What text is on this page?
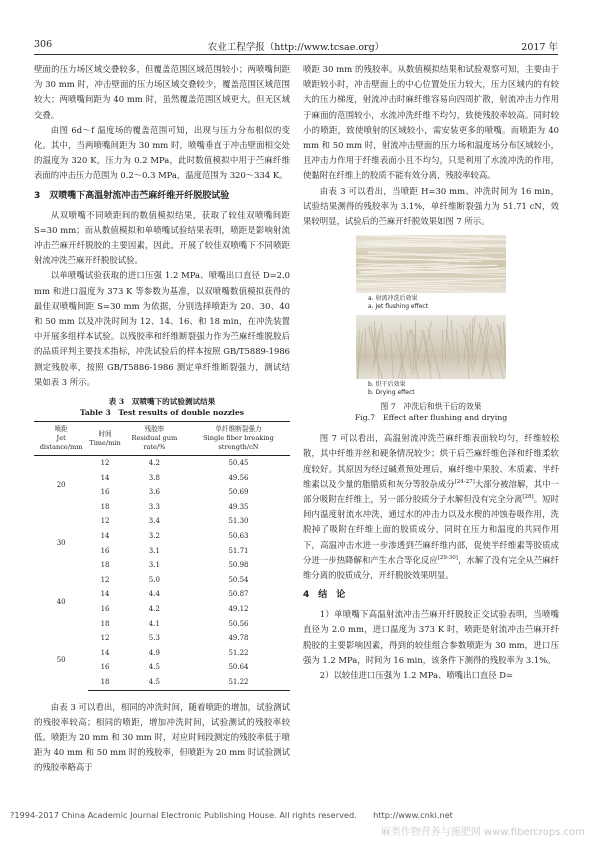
306	农业工程学报（http://www.tcsae.org）	2017 年

壁面的压力场区域交叠较多，但覆盖范围区域范围较小；两喷嘴间距为 30 mm 时，冲击壁面的压力场区域交叠较少，覆盖范围区域范围较大；两喷嘴间距为 40 mm 时，虽然覆盖范围区域更大，但无区域交叠。

由图 6d～f 温度场的覆盖范围可知，出现与压力分布相似的变化。其中，当两喷嘴间距为 30 mm 时，喷嘴垂直于冲击壁面相交处的温度为 320 K，压力为 0.2 MPa，此时数值模拟中用于苎麻纤维表面的冲击压力范围为 0.2～0.3 MPa，温度范围为 320～334 K。

3　双喷嘴下高温射流冲击苎麻纤维开纤脱胶试验

从双喷嘴不同喷距间的数值模拟结果，获取了较佳双喷嘴间距 S=30 mm；而从数值模拟和单喷嘴试验结果表明，喷距是影响射流冲击苎麻开纤脱胶的主要因素，因此，开展了较佳双喷嘴下不同喷距射流冲洗苎麻开纤脱胶试验。

以单喷嘴试验获取的进口压强 1.2 MPa、喷嘴出口直径 D=2.0 mm 和进口温度为 373 K 等参数为基准，以双喷嘴数值模拟获得的最佳双喷嘴间距 S=30 mm 为依据，分别选择喷距为 20、30、40 和 50 mm 以及冲洗时间为 12、14、16、和 18 min，在冲洗装置中开展多组样本试验。以残胶率和纤维断裂强力作为苎麻纤维脱胶后的品质评判主要技术指标，冲洗试验后的样本按照 GB/T5889-1986 测定残胶率，按照 GB/T5886-1986 测定单纤维断裂强力，测试结果如表 3 所示。

表 3　双喷嘴下的试验测试结果
Table 3　Test results of double nozzles
喷距
Jet distance/mm	时间
Time/min	残胶率
Residual gum rate/%	单纤维断裂强力
Single fiber breaking strength/cN
20	12	4.2	50.45
	14	3.8	49.56
	16	3.6	50.69
	18	3.3	49.35
30	12	3.4	51.30
	14	3.2	50.63
	16	3.1	51.71
	18	3.1	50.98
40	12	5.0	50.54
	14	4.4	50.87
	16	4.2	49.12
	18	4.1	50.56
50	12	5.3	49.78
	14	4.9	51.22
	16	4.5	50.64
	18	4.5	51.22

由表 3 可以看出，相同的冲洗时间，随着喷距的增加，试验测试的残胶率较高；相同的喷距，增加冲洗时间，试验测试的残胶率较低。喷距为 20 mm 和 30 mm 时，对应时间段测定的残胶率低于喷距为 40 mm 和 50 mm 时的残胶率，但喷距为 20 mm 时试验测试的残胶率略高于

喷距 30 mm 的残胶率。从数值模拟结果和试验观察可知，主要由于喷距较小时，冲击壁面上的中心位置处压力较大，压力区域内的有较大的压力梯度，射流冲击时麻纤维容易向四周扩散，射流冲击力作用于麻面的范围较小，水流冲洗纤维不均匀，致使残胶率较高。同时较小的喷距，致使喷射的区域较小，需安装更多的喷嘴。而喷距为 40 mm 和 50 mm 时，射流冲击壁面的压力场和温度场分布区域较小，且冲击力作用于纤维表面小且不均匀，只是利用了水流冲洗的作用，使黏附在纤维上的胶质不能有效分离，残胶率较高。

由表 3 可以看出，当喷距 H=30 mm、冲洗时间为 16 min，试验结果测得的残胶率为 3.1%，单纤维断裂强力为 51.71 cN，效果较明显，试验后的苎麻开纤脱效果如图 7 所示。

a. 射流冲洗后效果
a. Jet flushing effect
b. 烘干后效果
b. Drying effect
图 7　冲洗后和烘干后的效果
Fig.7　Effect after flushing and drying

图 7 可以看出，高温射流冲洗苎麻纤维表面较均匀，纤维较松散，其中纤维并丝和硬条情况较少；烘干后苎麻纤维色泽和纤维柔软度较好。其原因为经过碱煮预处理后，麻纤维中果胶、木质素、半纤维素以及少量的脂腊质和灰分等胶杂成分[24-27]大部分被溶解，其中一部分吸附在纤维上，另一部分胶质分子水解但没有完全分离[28]。短时间内温度射流水冲洗，通过水的冲击力以及水楔的冲蚀卷吸作用，洗脱掉了吸附在纤维上面的胶质成分，同时在压力和温度的共同作用下，高温冲击水进一步渗透到苎麻纤维内部，促使半纤维素等胶质成分进一步热降解和产生水合等化反应[29-30]，水解了没有完全从苎麻纤维分离的胶质成分，开纤脱胶效果明显。

4　结　论

1）单喷嘴下高温射流冲击苎麻开纤脱胶正交试验表明，当喷嘴直径为 2.0 mm，进口温度为 373 K 时，喷距是射流冲击苎麻开纤脱胶的主要影响因素，得到的较佳组合参数喷距为 30 mm，进口压强为 1.2 MPa，时间为 16 min，该条件下测得的残胶率为 3.1%。

2）以较佳进口压强为 1.2 MPa、喷嘴出口直径 D=

?1994-2017 China Academic Journal Electronic Publishing House. All rights reserved.　　http://www.cnki.net
麻类作物营养与施肥网 www.fibercrops.com
